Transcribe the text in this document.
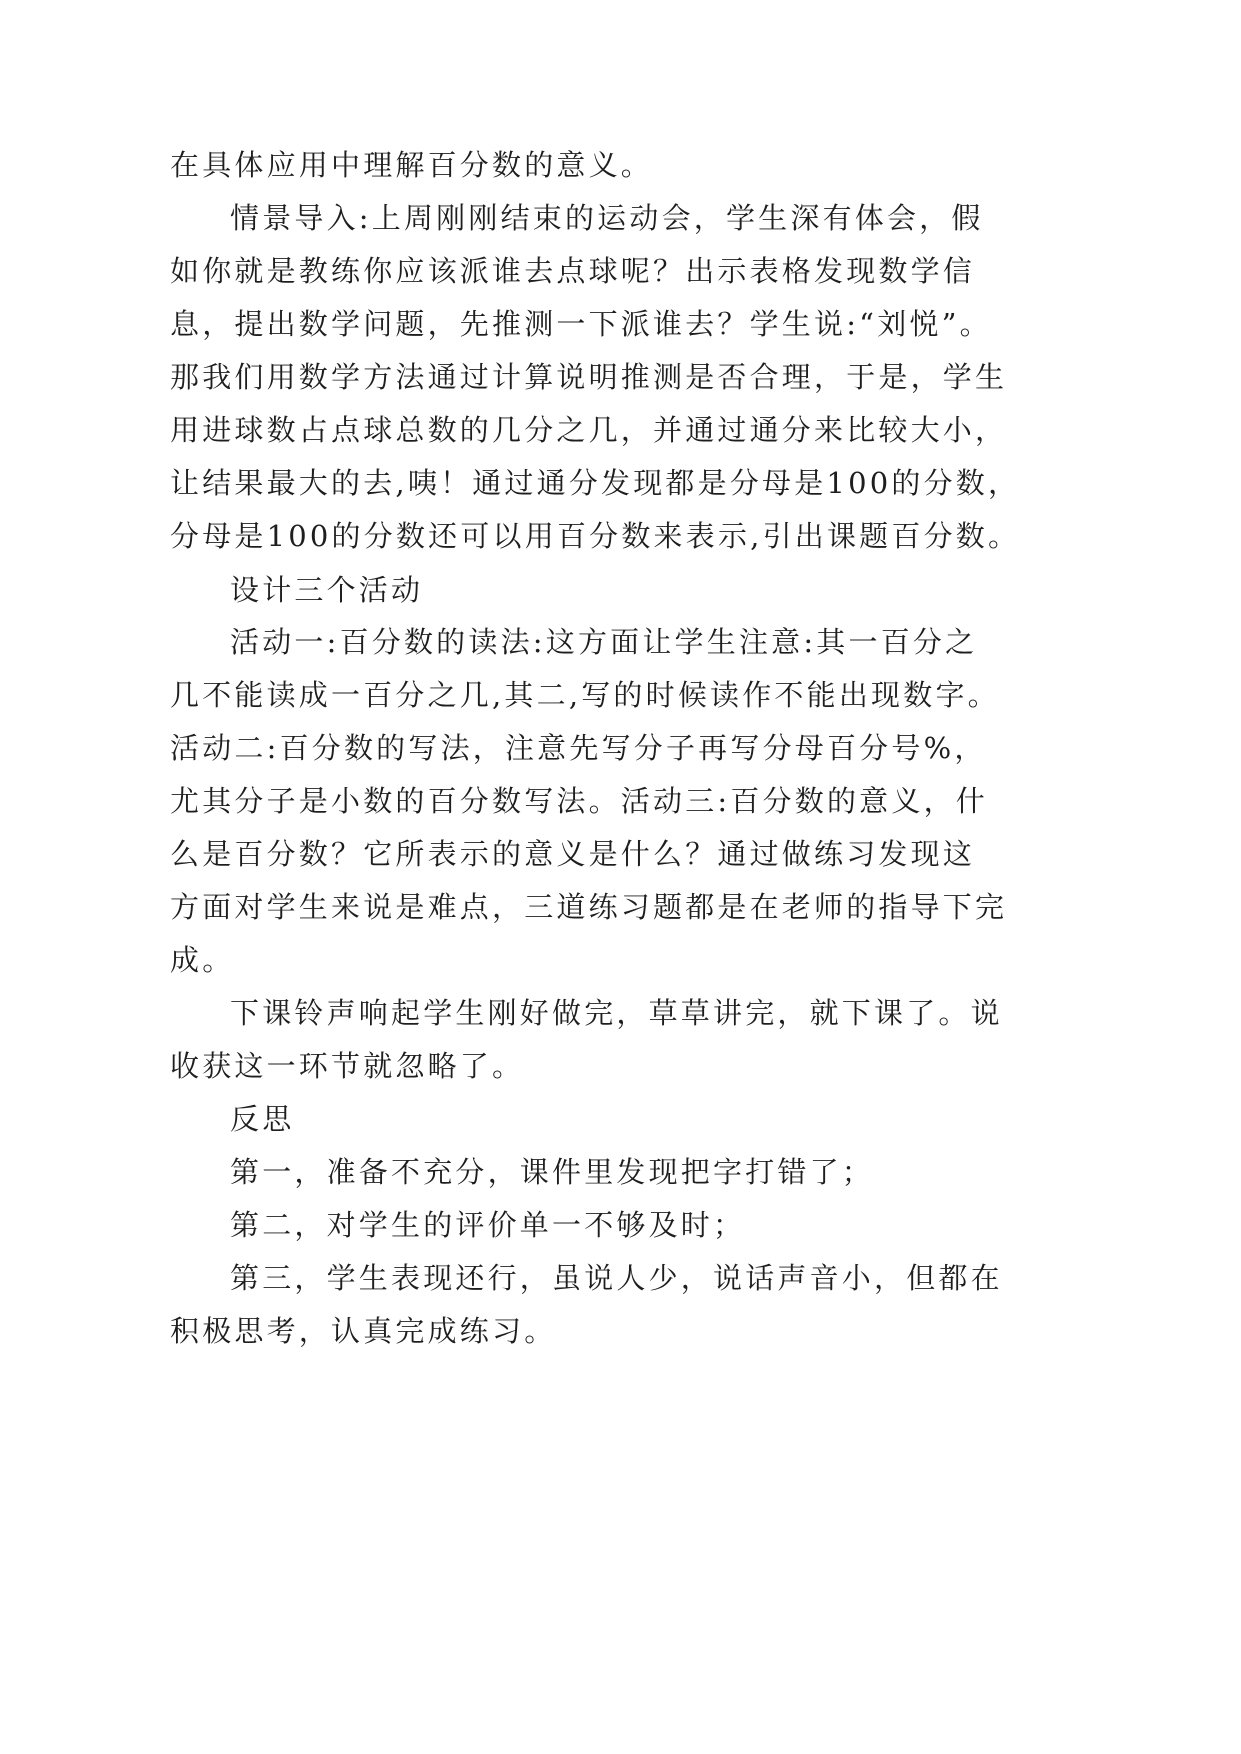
在具体应用中理解百分数的意义。
情景导入:上周刚刚结束的运动会，学生深有体会，假
如你就是教练你应该派谁去点球呢？出示表格发现数学信
息，提出数学问题，先推测一下派谁去？学生说:“刘悦”。
那我们用数学方法通过计算说明推测是否合理，于是，学生
用进球数占点球总数的几分之几，并通过通分来比较大小，
让结果最大的去,咦！通过通分发现都是分母是100的分数，
分母是100的分数还可以用百分数来表示,引出课题百分数。
设计三个活动
活动一:百分数的读法:这方面让学生注意:其一百分之
几不能读成一百分之几,其二,写的时候读作不能出现数字。
活动二:百分数的写法，注意先写分子再写分母百分号%，
尤其分子是小数的百分数写法。活动三:百分数的意义，什
么是百分数？它所表示的意义是什么？通过做练习发现这
方面对学生来说是难点，三道练习题都是在老师的指导下完
成。
下课铃声响起学生刚好做完，草草讲完，就下课了。说
收获这一环节就忽略了。
反思
第一，准备不充分，课件里发现把字打错了；
第二，对学生的评价单一不够及时；
第三，学生表现还行，虽说人少，说话声音小，但都在
积极思考，认真完成练习。
